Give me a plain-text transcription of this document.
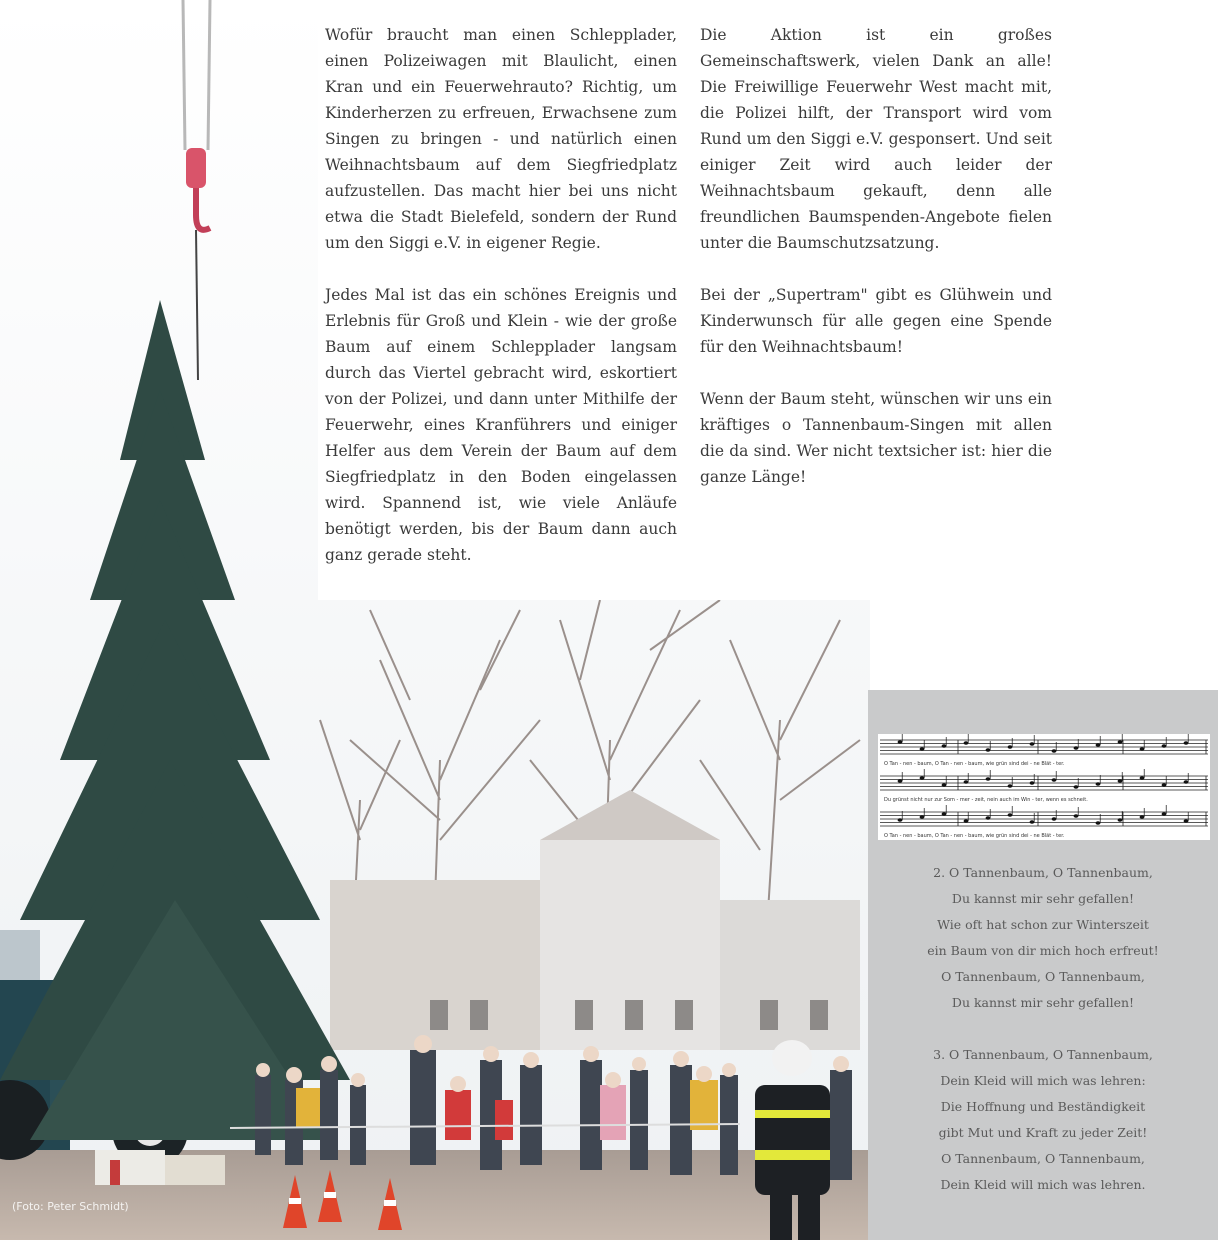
Wofür braucht man einen Schlepplader, einen Polizeiwagen mit Blaulicht, einen Kran und ein Feuerwehrauto? Richtig, um Kinderherzen zu erfreuen, Erwachsene zum Singen zu bringen - und natürlich einen Weihnachtsbaum auf dem Siegfriedplatz aufzustellen. Das macht hier bei uns nicht etwa die Stadt Bielefeld, sondern der Rund um den Siggi e.V. in eigener Regie.

Jedes Mal ist das ein schönes Ereignis und Erlebnis für Groß und Klein - wie der große Baum auf einem Schlepplader langsam durch das Viertel gebracht wird, eskortiert von der Polizei, und dann unter Mithilfe der Feuerwehr, eines Kranführers und einiger Helfer aus dem Verein der Baum auf dem Siegfriedplatz in den Boden eingelassen wird. Spannend ist, wie viele Anläufe benötigt werden, bis der Baum dann auch ganz gerade steht.

Die Aktion ist ein großes Gemeinschaftswerk, vielen Dank an alle! Die Freiwillige Feuerwehr West macht mit, die Polizei hilft, der Transport wird vom Rund um den Siggi e.V. gesponsert. Und seit einiger Zeit wird auch leider der Weihnachtsbaum gekauft, denn alle freundlichen Baumspenden-Angebote fielen unter die Baumschutzsatzung.

Bei der „Supertram" gibt es Glühwein und Kinderwunsch für alle gegen eine Spende für den Weihnachtsbaum!

Wenn der Baum steht, wünschen wir uns ein kräftiges o Tannenbaum-Singen mit allen die da sind. Wer nicht textsicher ist: hier die ganze Länge!

(Foto: Peter Schmidt)
O Tan - nen - baum, O Tan - nen - baum, wie grün sind dei - ne Blät - ter.
Du grünst nicht nur zur Som - mer - zeit, nein auch im Win - ter, wenn es schneit.
O Tan - nen - baum, O Tan - nen - baum, wie grün sind dei - ne Blät - ter.
2. O Tannenbaum, O Tannenbaum,
Du kannst mir sehr gefallen!
Wie oft hat schon zur Winterszeit
ein Baum von dir mich hoch erfreut!
O Tannenbaum, O Tannenbaum,
Du kannst mir sehr gefallen!
3. O Tannenbaum, O Tannenbaum,
Dein Kleid will mich was lehren:
Die Hoffnung und Beständigkeit
gibt Mut und Kraft zu jeder Zeit!
O Tannenbaum, O Tannenbaum,
Dein Kleid will mich was lehren.
